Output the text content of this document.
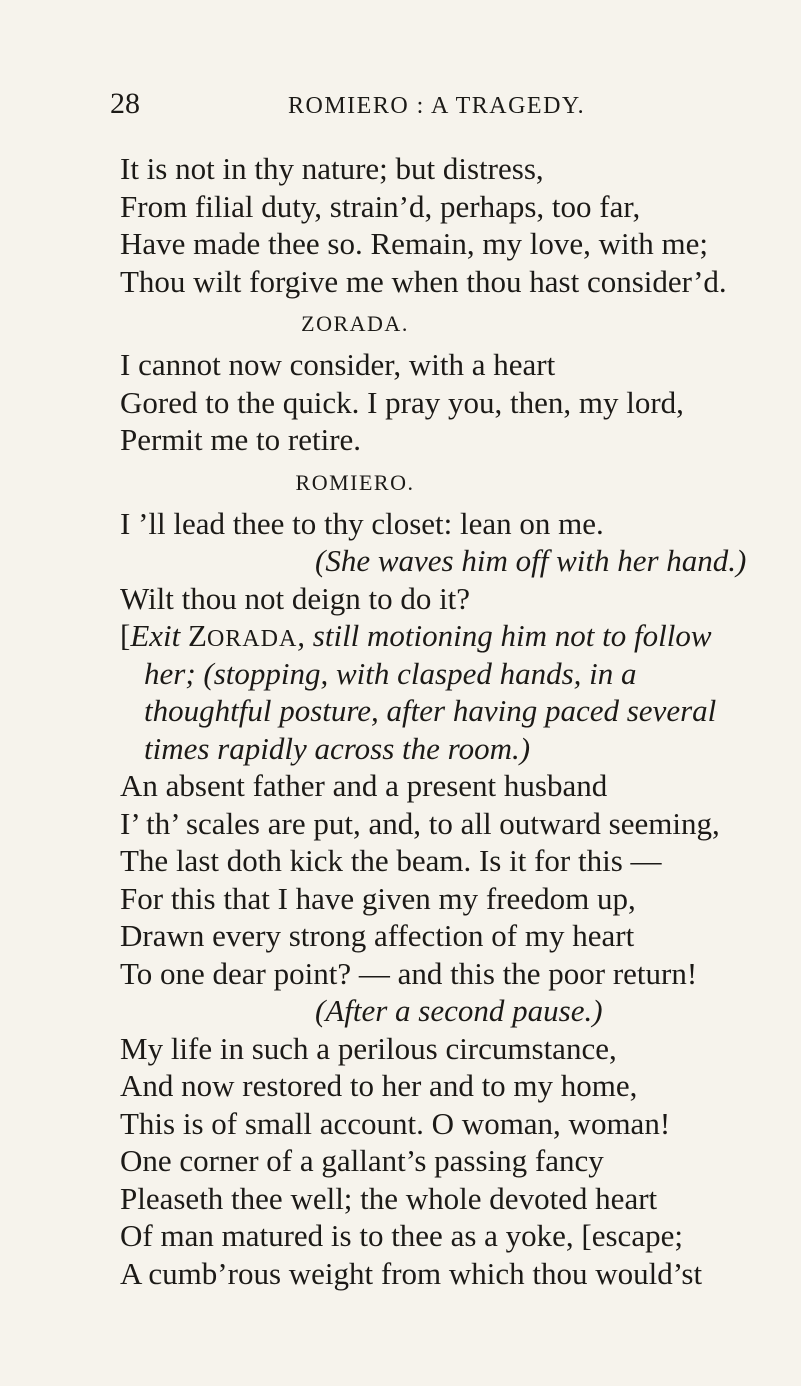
28	ROMIERO : A TRAGEDY.
It is not in thy nature; but distress,
From filial duty, strain’d, perhaps, too far,
Have made thee so. Remain, my love, with me;
Thou wilt forgive me when thou hast consider’d.
ZORADA.
I cannot now consider, with a heart
Gored to the quick. I pray you, then, my lord,
Permit me to retire.
ROMIERO.
I ’ll lead thee to thy closet: lean on me.
(She waves him off with her hand.)
Wilt thou not deign to do it?
[Exit ZORADA, still motioning him not to follow
her; (stopping, with clasped hands, in a
thoughtful posture, after having paced several
times rapidly across the room.)
An absent father and a present husband
I’ th’ scales are put, and, to all outward seeming,
The last doth kick the beam. Is it for this —
For this that I have given my freedom up,
Drawn every strong affection of my heart
To one dear point? — and this the poor return!
(After a second pause.)
My life in such a perilous circumstance,
And now restored to her and to my home,
This is of small account. O woman, woman!
One corner of a gallant’s passing fancy
Pleaseth thee well; the whole devoted heart
Of man matured is to thee as a yoke, [escape;
A cumb’rous weight from which thou would’st
